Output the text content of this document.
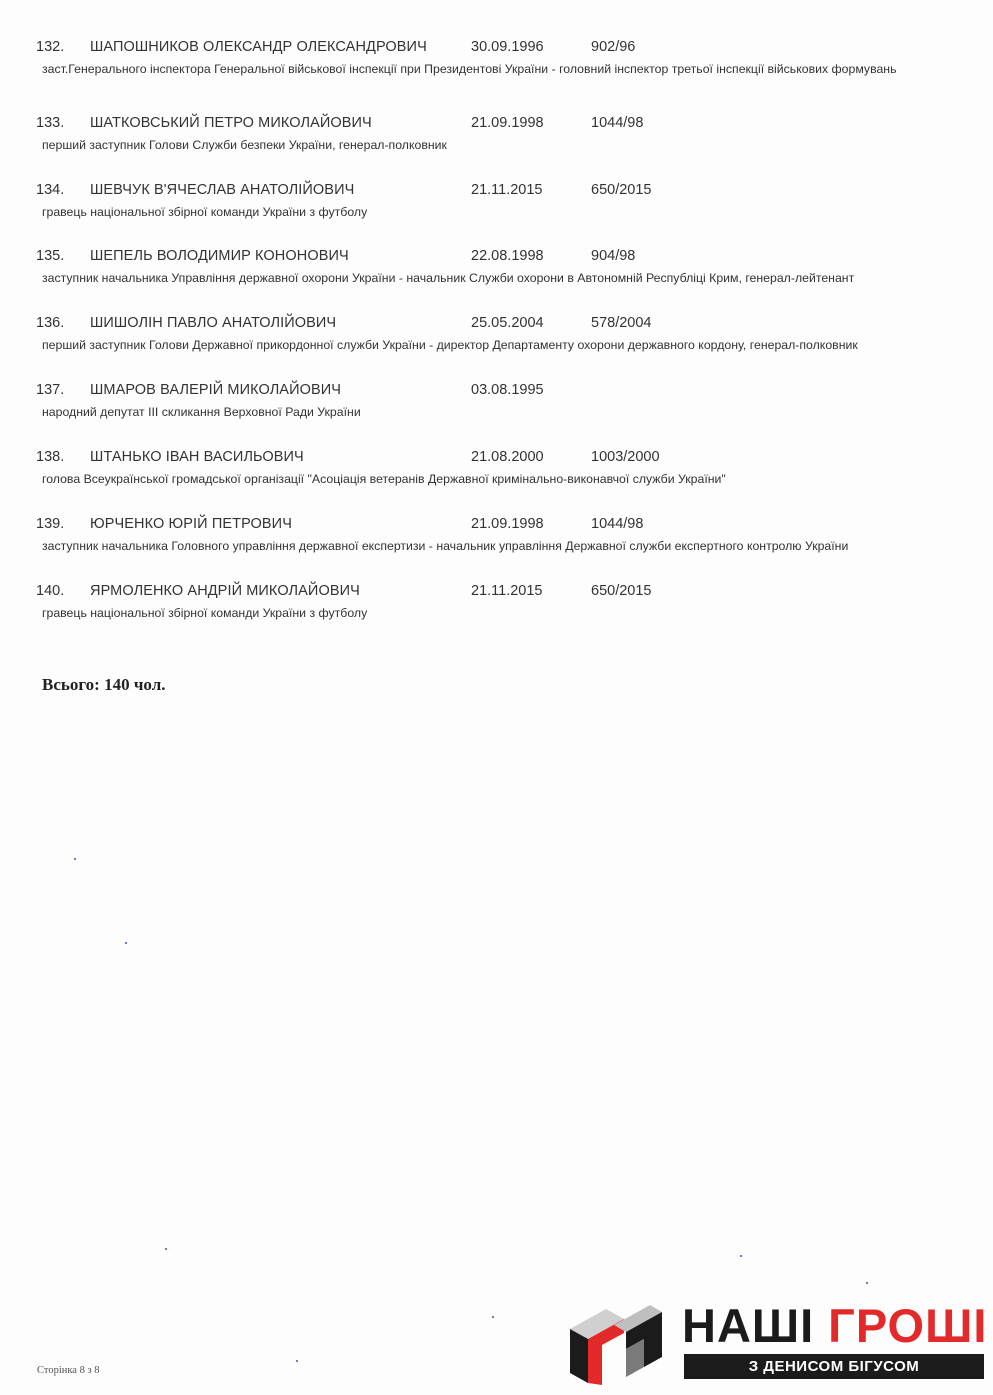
132. ШАПОШНИКОВ ОЛЕКСАНДР ОЛЕКСАНДРОВИЧ	30.09.1996	902/96
заст.Генерального інспектора Генеральної військової інспекції при Президентові України - головний інспектор третьої інспекції військових формувань
133. ШАТКОВСЬКИЙ ПЕТРО МИКОЛАЙОВИЧ	21.09.1998	1044/98
перший заступник Голови Служби безпеки України, генерал-полковник
134. ШЕВЧУК В'ЯЧЕСЛАВ АНАТОЛІЙОВИЧ	21.11.2015	650/2015
гравець національної збірної команди України з футболу
135. ШЕПЕЛЬ ВОЛОДИМИР КОНОНОВИЧ	22.08.1998	904/98
заступник начальника Управління державної охорони України - начальник Служби охорони в Автономній Республіці Крим, генерал-лейтенант
136. ШИШОЛІН ПАВЛО АНАТОЛІЙОВИЧ	25.05.2004	578/2004
перший заступник Голови Державної прикордонної служби України - директор Департаменту охорони державного кордону, генерал-полковник
137. ШМАРОВ ВАЛЕРІЙ МИКОЛАЙОВИЧ	03.08.1995
народний депутат III скликання Верховної Ради України
138. ШТАНЬКО ІВАН ВАСИЛЬОВИЧ	21.08.2000	1003/2000
голова Всеукраїнської громадської організації "Асоціація ветеранів Державної кримінально-виконавчої служби України"
139. ЮРЧЕНКО ЮРІЙ ПЕТРОВИЧ	21.09.1998	1044/98
заступник начальника Головного управління державної експертизи - начальник управління Державної служби експертного контролю України
140. ЯРМОЛЕНКО АНДРІЙ МИКОЛАЙОВИЧ	21.11.2015	650/2015
гравець національної збірної команди України з футболу
Всього: 140 чол.
Сторінка 8 з 8
НАШІ ГРОШІ
З ДЕНИСОМ БІГУСОМ
